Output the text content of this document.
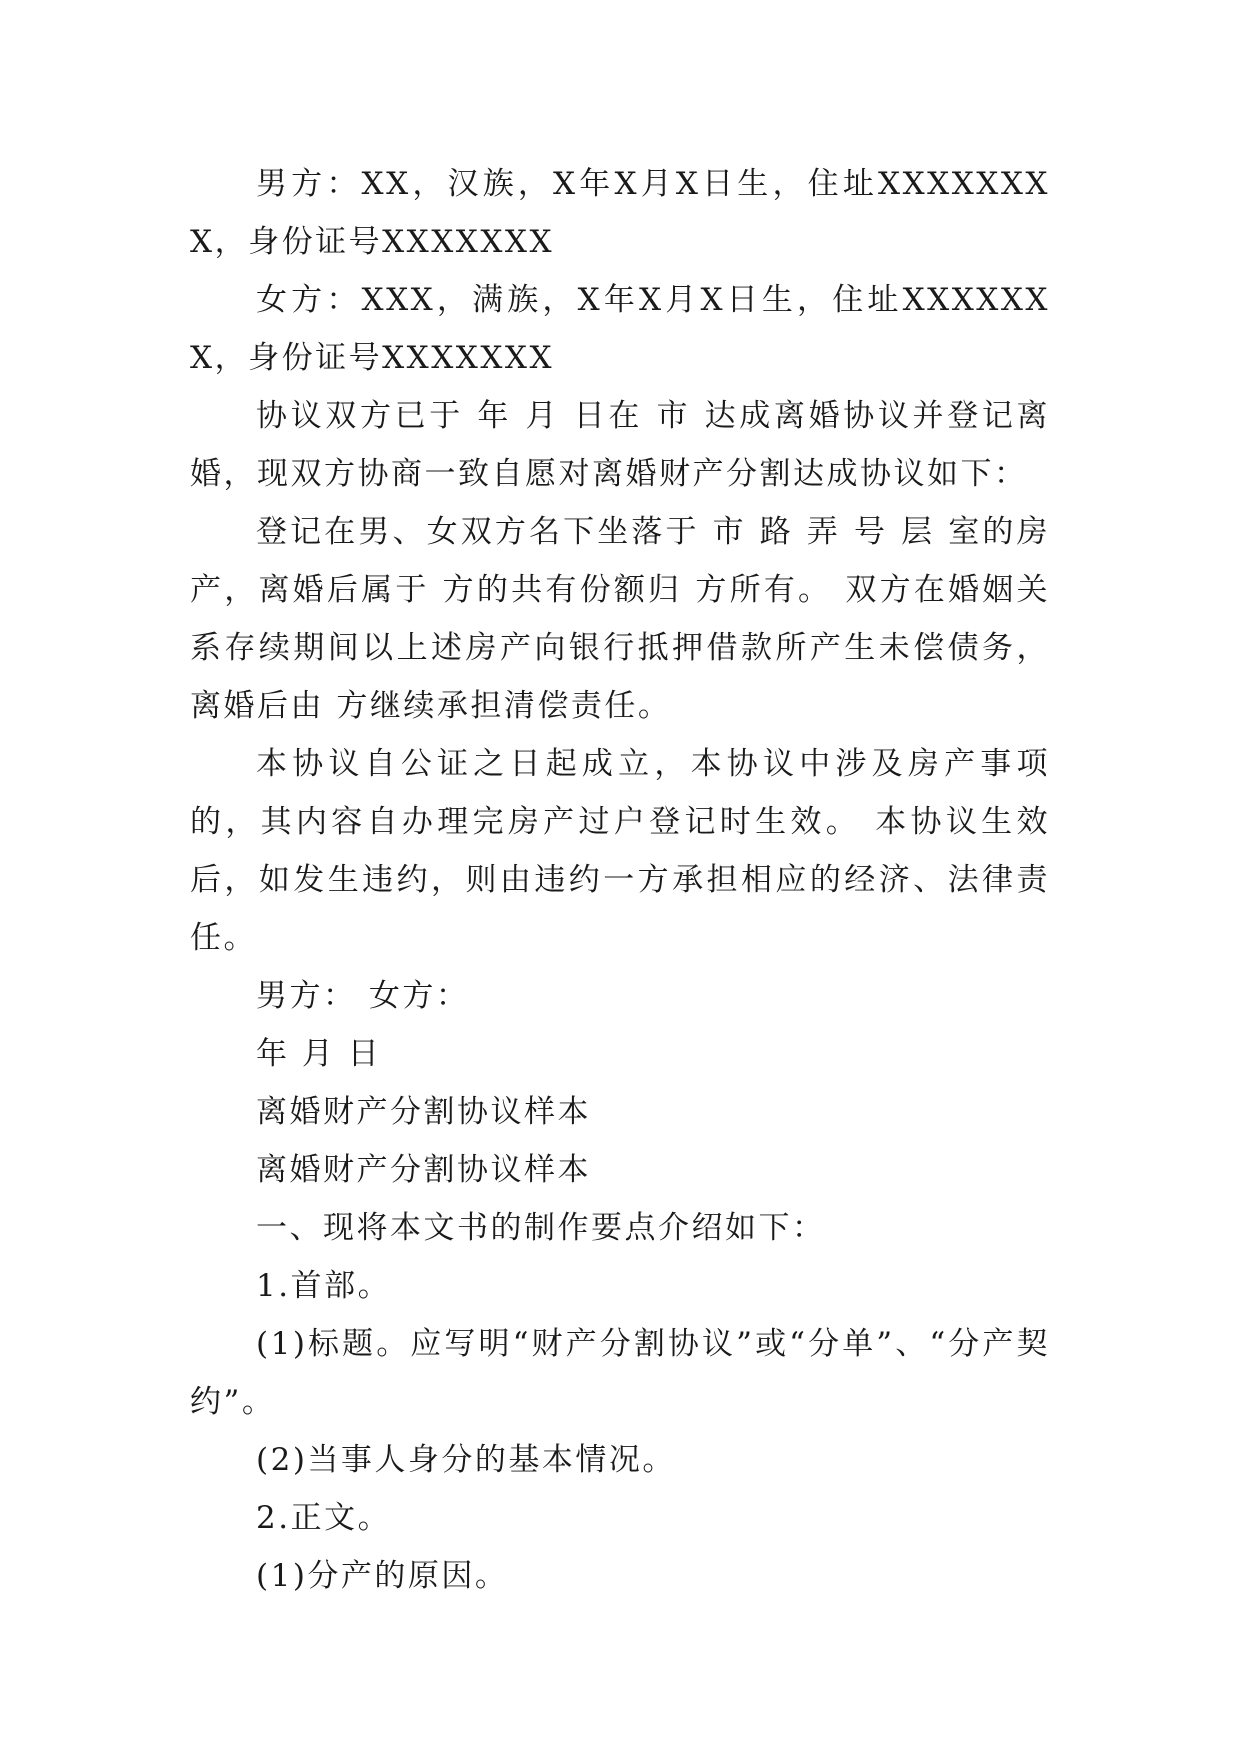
男方：XX，汉族，X年X月X日生，住址XXXXXXXX，身份证号XXXXXXX

女方：XXX，满族，X年X月X日生，住址XXXXXXX，身份证号XXXXXXX

协议双方已于 年 月 日在 市 达成离婚协议并登记离婚，现双方协商一致自愿对离婚财产分割达成协议如下：

登记在男、女双方名下坐落于 市 路 弄 号 层 室的房产，离婚后属于 方的共有份额归 方所有。 双方在婚姻关系存续期间以上述房产向银行抵押借款所产生未偿债务，离婚后由 方继续承担清偿责任。

本协议自公证之日起成立，本协议中涉及房产事项的，其内容自办理完房产过户登记时生效。 本协议生效后，如发生违约，则由违约一方承担相应的经济、法律责任。

男方： 女方：

年 月 日

离婚财产分割协议样本

离婚财产分割协议样本

一、现将本文书的制作要点介绍如下：

1.首部。

(1)标题。应写明“财产分割协议”或“分单”、“分产契约”。

(2)当事人身分的基本情况。

2.正文。

(1)分产的原因。
